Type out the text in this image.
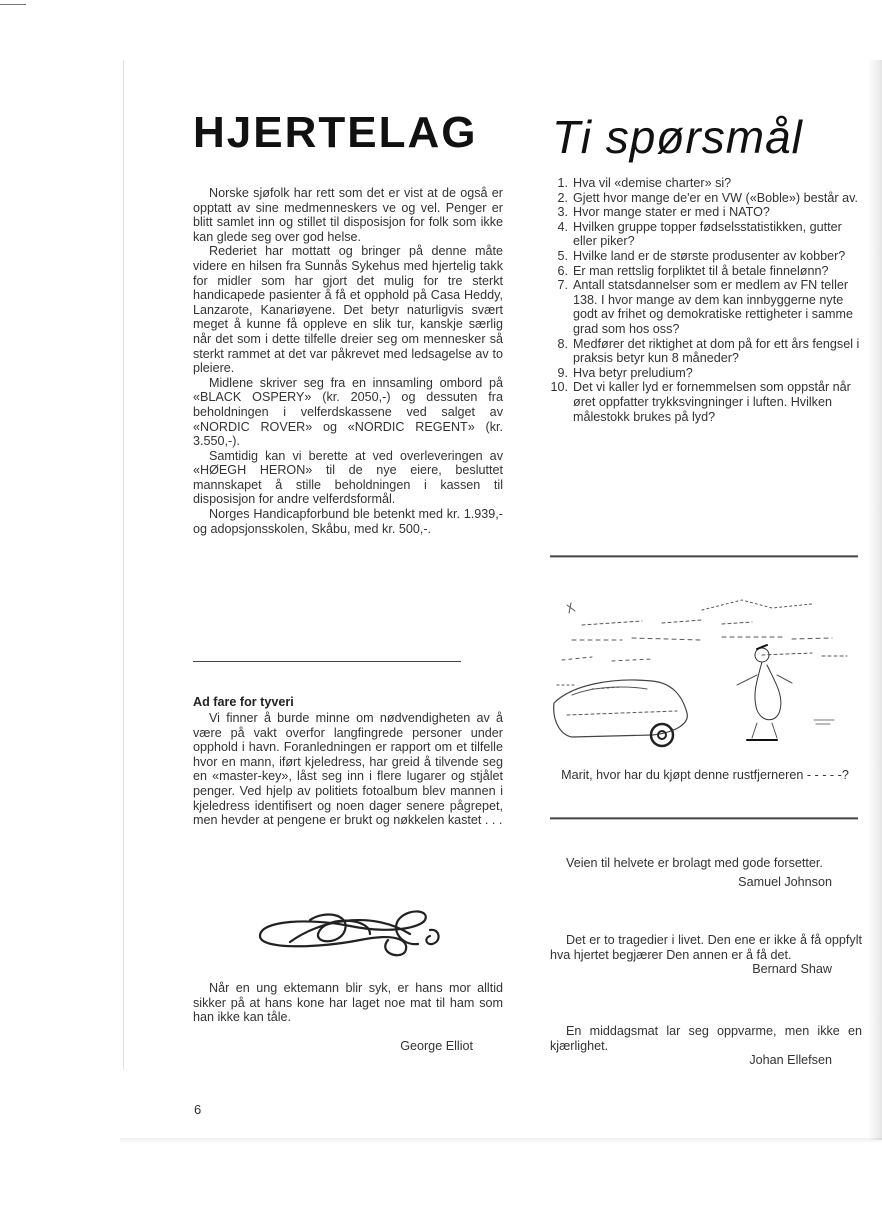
HJERTELAG

Norske sjøfolk har rett som det er vist at de også er opptatt av sine medmenneskers ve og vel. Penger er blitt samlet inn og stillet til disposisjon for folk som ikke kan glede seg over god helse.

Rederiet har mottatt og bringer på denne måte videre en hilsen fra Sunnås Sykehus med hjertelig takk for midler som har gjort det mulig for tre sterkt handicapede pasienter å få et opphold på Casa Heddy, Lanzarote, Kanariøyene. Det betyr naturligvis svært meget å kunne få oppleve en slik tur, kanskje særlig når det som i dette tilfelle dreier seg om mennesker så sterkt rammet at det var påkrevet med ledsagelse av to pleiere.

Midlene skriver seg fra en innsamling ombord på «BLACK OSPERY» (kr. 2050,-) og dessuten fra beholdningen i velferdskassene ved salget av «NORDIC ROVER» og «NORDIC REGENT» (kr. 3.550,-).

Samtidig kan vi berette at ved overleveringen av «HØEGH HERON» til de nye eiere, besluttet mannskapet å stille beholdningen i kassen til disposisjon for andre velferdsformål.

Norges Handicapforbund ble betenkt med kr. 1.939,- og adopsjonsskolen, Skåbu, med kr. 500,-.

Ad fare for tyveri

Vi finner å burde minne om nødvendigheten av å være på vakt overfor langfingrede personer under opphold i havn. Foranledningen er rapport om et tilfelle hvor en mann, iført kjeledress, har greid å tilvende seg en «master-key», låst seg inn i flere lugarer og stjålet penger. Ved hjelp av politiets fotoalbum blev mannen i kjeledress identifisert og noen dager senere pågrepet, men hevder at pengene er brukt og nøkkelen kastet . . .

Når en ung ektemann blir syk, er hans mor alltid sikker på at hans kone har laget noe mat til ham som han ikke kan tåle.

George Elliot

6
Ti spørsmål
1. Hva vil «demise charter» si?
2. Gjett hvor mange de'er en VW («Boble») består av.
3. Hvor mange stater er med i NATO?
4. Hvilken gruppe topper fødselsstatistikken, gutter eller piker?
5. Hvilke land er de største produsenter av kobber?
6. Er man rettslig forpliktet til å betale finnelønn?
7. Antall statsdannelser som er medlem av FN teller 138. I hvor mange av dem kan innbyggerne nyte godt av frihet og demokratiske rettigheter i samme grad som hos oss?
8. Medfører det riktighet at dom på for ett års fengsel i praksis betyr kun 8 måneder?
9. Hva betyr preludium?
10. Det vi kaller lyd er fornemmelsen som oppstår når øret oppfatter trykksvingninger i luften. Hvilken målestokk brukes på lyd?
Marit, hvor har du kjøpt denne rustfjerneren - - - - -?

Veien til helvete er brolagt med gode forsetter.

Samuel Johnson

Det er to tragedier i livet. Den ene er ikke å få oppfylt hva hjertet begjærer Den annen er å få det.

Bernard Shaw

En middagsmat lar seg oppvarme, men ikke en kjærlighet.

Johan Ellefsen
